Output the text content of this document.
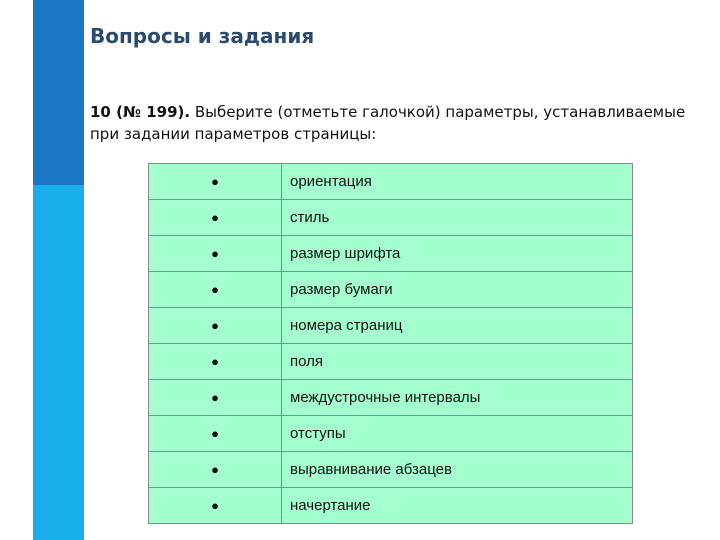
Вопросы и задания
10 (№ 199). Выберите (отметьте галочкой) параметры, устанавливаемые при задании параметров страницы:
●	ориентация
●	стиль
●	размер шрифта
●	размер бумаги
●	номера страниц
●	поля
●	междустрочные интервалы
●	отступы
●	выравнивание абзацев
●	начертание
